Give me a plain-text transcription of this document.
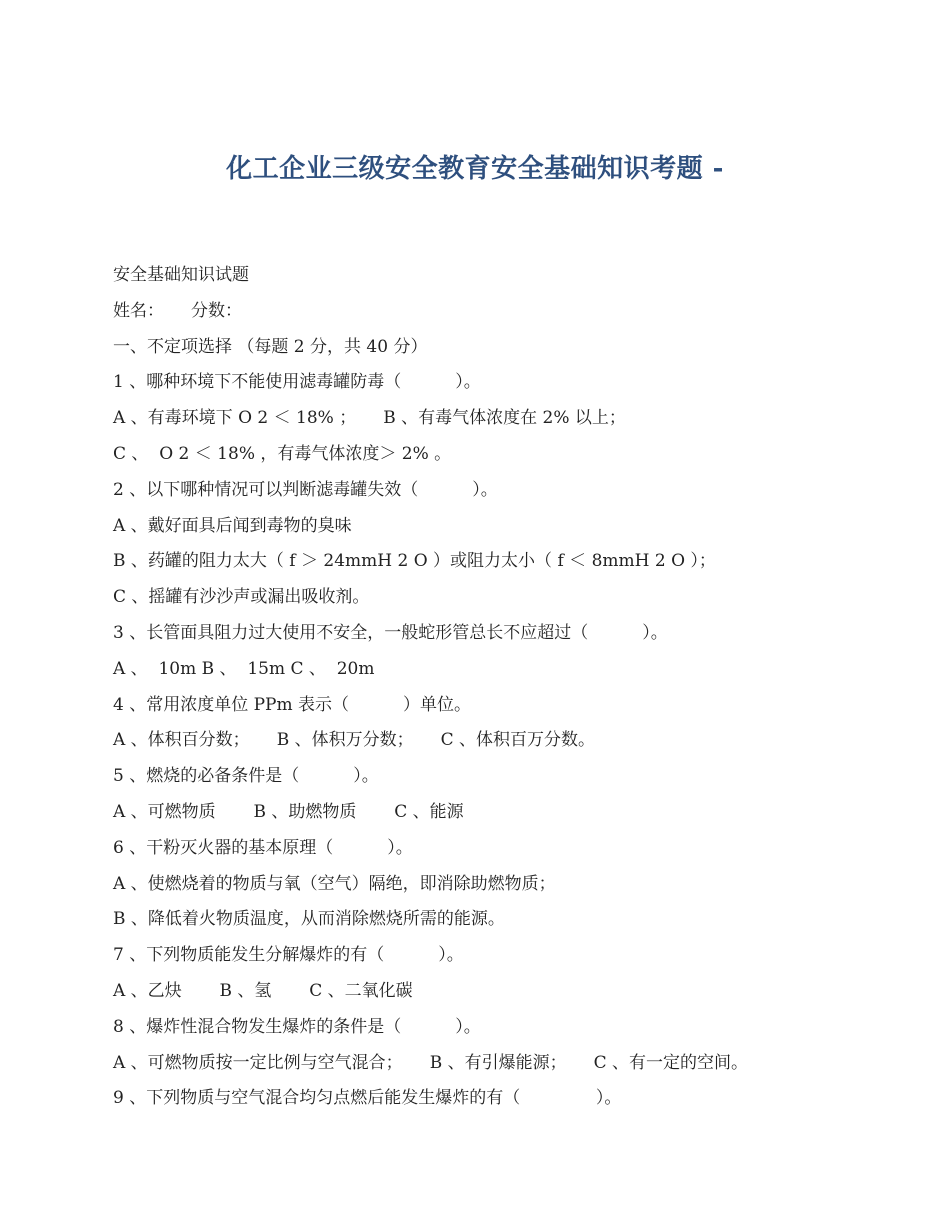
化工企业三级安全教育安全基础知识考题 -
安全基础知识试题
姓名：     分数：
一、不定项选择 （每题 2 分，共 40 分）
1 、哪种环境下不能使用滤毒罐防毒（          ）。
A 、有毒环境下 O 2 ＜ 18% ；     B 、有毒气体浓度在 2% 以上；
C 、  O 2 ＜ 18% ，有毒气体浓度＞ 2% 。
2 、以下哪种情况可以判断滤毒罐失效（          ）。
A 、戴好面具后闻到毒物的臭味
B 、药罐的阻力太大（ f ＞ 24mmH 2 O ）或阻力太小（ f ＜ 8mmH 2 O ）；
C 、摇罐有沙沙声或漏出吸收剂。
3 、长管面具阻力过大使用不安全，一般蛇形管总长不应超过（          ）。
A 、  10m B 、  15m C 、  20m
4 、常用浓度单位 PPm 表示（          ）单位。
A 、体积百分数；     B 、体积万分数；     C 、体积百万分数。
5 、燃烧的必备条件是（          ）。
A 、可燃物质       B 、助燃物质       C 、能源
6 、干粉灭火器的基本原理（          ）。
A 、使燃烧着的物质与氧（空气）隔绝，即消除助燃物质；
B 、降低着火物质温度，从而消除燃烧所需的能源。
7 、下列物质能发生分解爆炸的有（          ）。
A 、乙炔       B 、氢       C 、二氧化碳
8 、爆炸性混合物发生爆炸的条件是（          ）。
A 、可燃物质按一定比例与空气混合；     B 、有引爆能源；     C 、有一定的空间。
9 、下列物质与空气混合均匀点燃后能发生爆炸的有（              ）。
